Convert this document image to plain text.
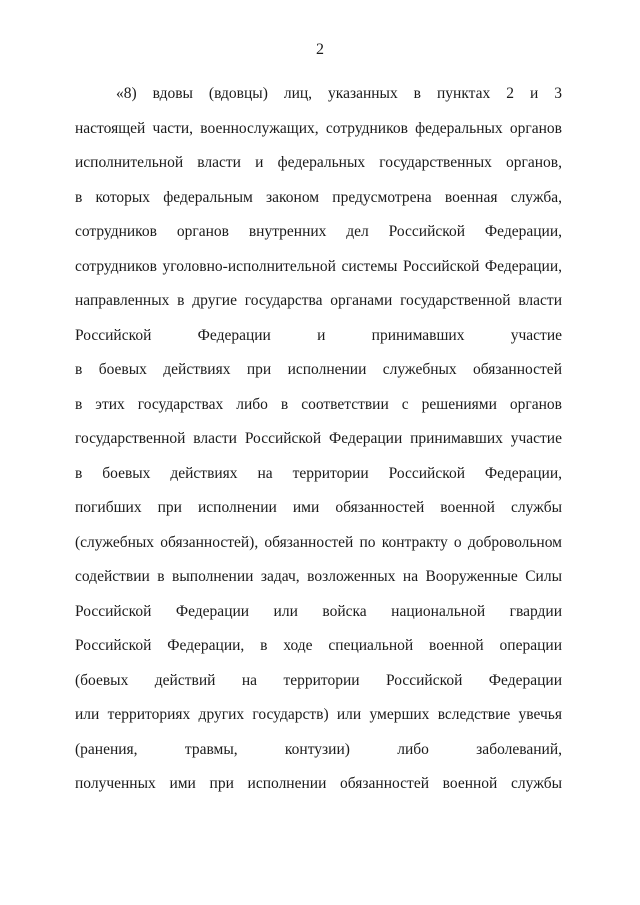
2
«8) вдовы (вдовцы) лиц, указанных в пунктах 2 и 3
настоящей части, военнослужащих, сотрудников федеральных органов
исполнительной власти и федеральных государственных органов,
в которых федеральным законом предусмотрена военная служба,
сотрудников органов внутренних дел Российской Федерации,
сотрудников уголовно-исполнительной системы Российской Федерации,
направленных в другие государства органами государственной власти
Российской Федерации и принимавших участие
в боевых действиях при исполнении служебных обязанностей
в этих государствах либо в соответствии с решениями органов
государственной власти Российской Федерации принимавших участие
в боевых действиях на территории Российской Федерации,
погибших при исполнении ими обязанностей военной службы
(служебных обязанностей), обязанностей по контракту о добровольном
содействии в выполнении задач, возложенных на Вооруженные Силы
Российской Федерации или войска национальной гвардии
Российской Федерации, в ходе специальной военной операции
(боевых действий на территории Российской Федерации
или территориях других государств) или умерших вследствие увечья
(ранения, травмы, контузии) либо заболеваний,
полученных ими при исполнении обязанностей военной службы
